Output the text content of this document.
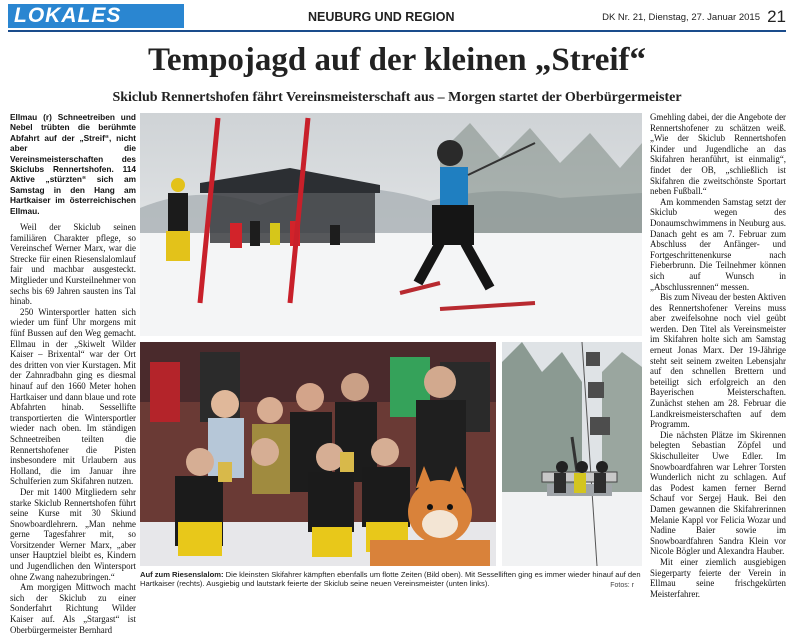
LOKALES	NEUBURG UND REGION	DK Nr. 21, Dienstag, 27. Januar 2015 21
Tempojagd auf der kleinen „Streif“
Skiclub Rennertshofen fährt Vereinsmeisterschaft aus – Morgen startet der Oberbürgermeister

Ellmau (r) Schneetreiben und Nebel trübten die berühmte Abfahrt auf der „Streif“, nicht aber die Vereinsmeisterschaften des Skiclubs Rennertshofen. 114 Aktive „stürzten“ sich am Samstag in den Hang am Hartkaiser im österreichischen Ellmau.

Weil der Skiclub seinen familiären Charakter pflege, so Vereinschef Werner Marx, war die Strecke für einen Riesenslalomlauf fair und machbar ausgesteckt. Mitglieder und Kursteilnehmer von sechs bis 69 Jahren sausten ins Tal hinab.

250 Wintersportler hatten sich wieder um fünf Uhr morgens mit fünf Bussen auf den Weg gemacht. Ellmau in der „Skiwelt Wilder Kaiser – Brixental“ war der Ort des dritten von vier Kurstagen. Mit der Zahnradbahn ging es diesmal hinauf auf den 1660 Meter hohen Hartkaiser und dann blaue und rote Abfahrten hinab. Sessellifte transportierten die Wintersportler wieder nach oben. Im ständigen Schneetreiben teilten die Rennertshofener die Pisten insbesondere mit Urlaubern aus Holland, die im Januar ihre Schulferien zum Skifahren nutzen.

Der mit 1400 Mitgliedern sehr starke Skiclub Rennertshofen führt seine Kurse mit 30 Skiund Snowboardlehrern. „Man nehme gerne Tagesfahrer mit, so Vorsitzender Werner Marx, „aber unser Hauptziel bleibt es, Kindern und Jugendlichen den Wintersport ohne Zwang nahezubringen.“

Am morgigen Mittwoch macht sich der Skiclub zu einer Sonderfahrt Richtung Wilder Kaiser auf. Als „Stargast“ ist Oberbürgermeister Bernhard

Auf zum Riesenslalom: Die kleinsten Skifahrer kämpften ebenfalls um flotte Zeiten (Bild oben). Mit Sesselliften ging es immer wieder hinauf auf den Hartkaiser (rechts). Ausgiebig und lautstark feierte der Skiclub seine neuen Vereinsmeister (unten links).	Fotos: r

Gmehling dabei, der die Angebote der Rennertshofener zu schätzen weiß. „Wie der Skiclub Rennertshofen Kinder und Jugendliche an das Skifahren heranführt, ist einmalig“, findet der OB, „schließlich ist Skifahren die zweitschönste Sportart neben Fußball.“

Am kommenden Samstag setzt der Skiclub wegen des Donaumschwimmens in Neuburg aus. Danach geht es am 7. Februar zum Abschluss der Anfänger- und Fortgeschrittenenkurse nach Fieberbrunn. Die Teilnehmer können sich auf Wunsch in „Abschlussrennen“ messen.

Bis zum Niveau der besten Aktiven des Rennertshofener Vereins muss aber zweifelsohne noch viel geübt werden. Den Titel als Vereinsmeister im Skifahren holte sich am Samstag erneut Jonas Marx. Der 19-Jährige steht seit seinem zweiten Lebensjahr auf den schnellen Brettern und beteiligt sich erfolgreich an den Bayerischen Meisterschaften. Zunächst stehen am 28. Februar die Landkreismeisterschaften auf dem Programm.

Die nächsten Plätze im Skirennen belegten Sebastian Zöpfel und Skischulleiter Uwe Edler. Im Snowboardfahren war Lehrer Torsten Wunderlich nicht zu schlagen. Auf das Podest kamen ferner Bernd Schauf vor Sergej Hauk. Bei den Damen gewannen die Skifahrerinnen Melanie Kappl vor Felicia Wozar und Nadine Baier sowie im Snowboardfahren Sandra Klein vor Nicole Bögler und Alexandra Hauber.

Mit einer ziemlich ausgiebigen Siegerparty feierte der Verein in Ellmau seine frischgekürten Meisterfahrer.
